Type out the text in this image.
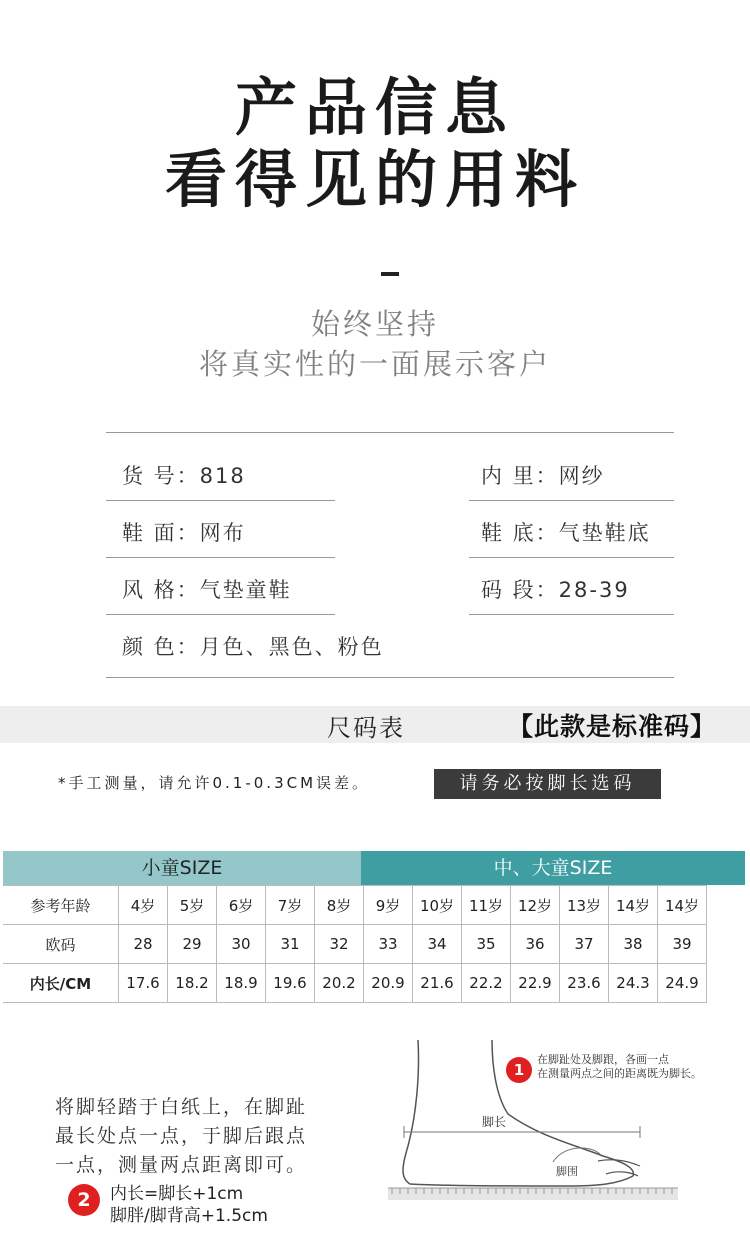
产品信息
看得见的用料
始终坚持
将真实性的一面展示客户
货 号：818	内 里：网纱
鞋 面：网布	鞋 底：气垫鞋底
风 格：气垫童鞋	码 段：28-39
颜 色：月色、黑色、粉色
尺码表	【此款是标准码】
*手工测量，请允许0.1-0.3CM误差。	请务必按脚长选码
小童SIZE	中、大童SIZE
参考年龄	4岁	5岁	6岁	7岁	8岁	9岁	10岁	11岁	12岁	13岁	14岁	14岁
欧码	28	29	30	31	32	33	34	35	36	37	38	39
内长/CM	17.6	18.2	18.9	19.6	20.2	20.9	21.6	22.2	22.9	23.6	24.3	24.9
将脚轻踏于白纸上，在脚趾
最长处点一点，于脚后跟点
一点，测量两点距离即可。
2	内长=脚长+1cm
脚胖/脚背高+1.5cm
脚长
脚围
1
在脚趾处及脚跟，各画一点
在测量两点之间的距离既为脚长。
